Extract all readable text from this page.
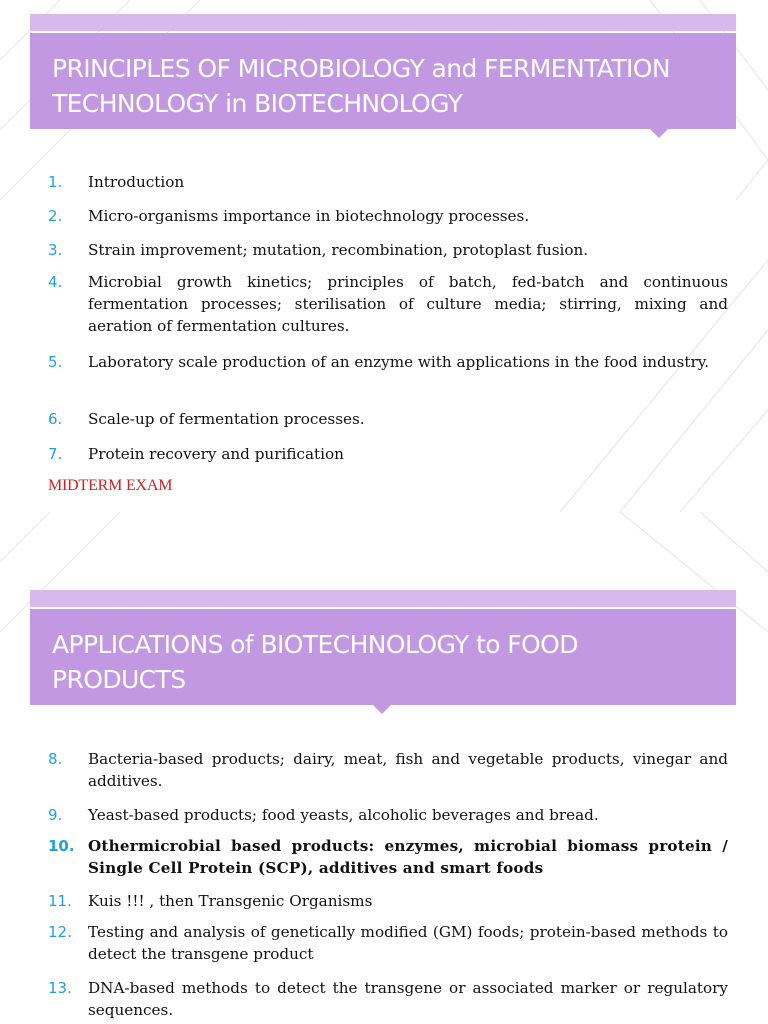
PRINCIPLES OF MICROBIOLOGY and FERMENTATION TECHNOLOGY in BIOTECHNOLOGY
1. Introduction
2. Micro-organisms importance in biotechnology processes.
3. Strain improvement; mutation, recombination, protoplast fusion.
4. Microbial growth kinetics; principles of batch, fed-batch and continuous fermentation processes; sterilisation of culture media; stirring, mixing and aeration of fermentation cultures.
5. Laboratory scale production of an enzyme with applications in the food industry.
6. Scale-up of fermentation processes.
7. Protein recovery and purification
MIDTERM EXAM
APPLICATIONS of BIOTECHNOLOGY to FOOD PRODUCTS
8. Bacteria-based products; dairy, meat, fish and vegetable products, vinegar and additives.
9. Yeast-based products; food yeasts, alcoholic beverages and bread.
10. Othermicrobial based products: enzymes, microbial biomass protein / Single Cell Protein (SCP), additives and smart foods
11. Kuis !!! , then Transgenic Organisms
12. Testing and analysis of genetically modified (GM) foods; protein-based methods to detect the transgene product
13. DNA-based methods to detect the transgene or associated marker or regulatory sequences.
